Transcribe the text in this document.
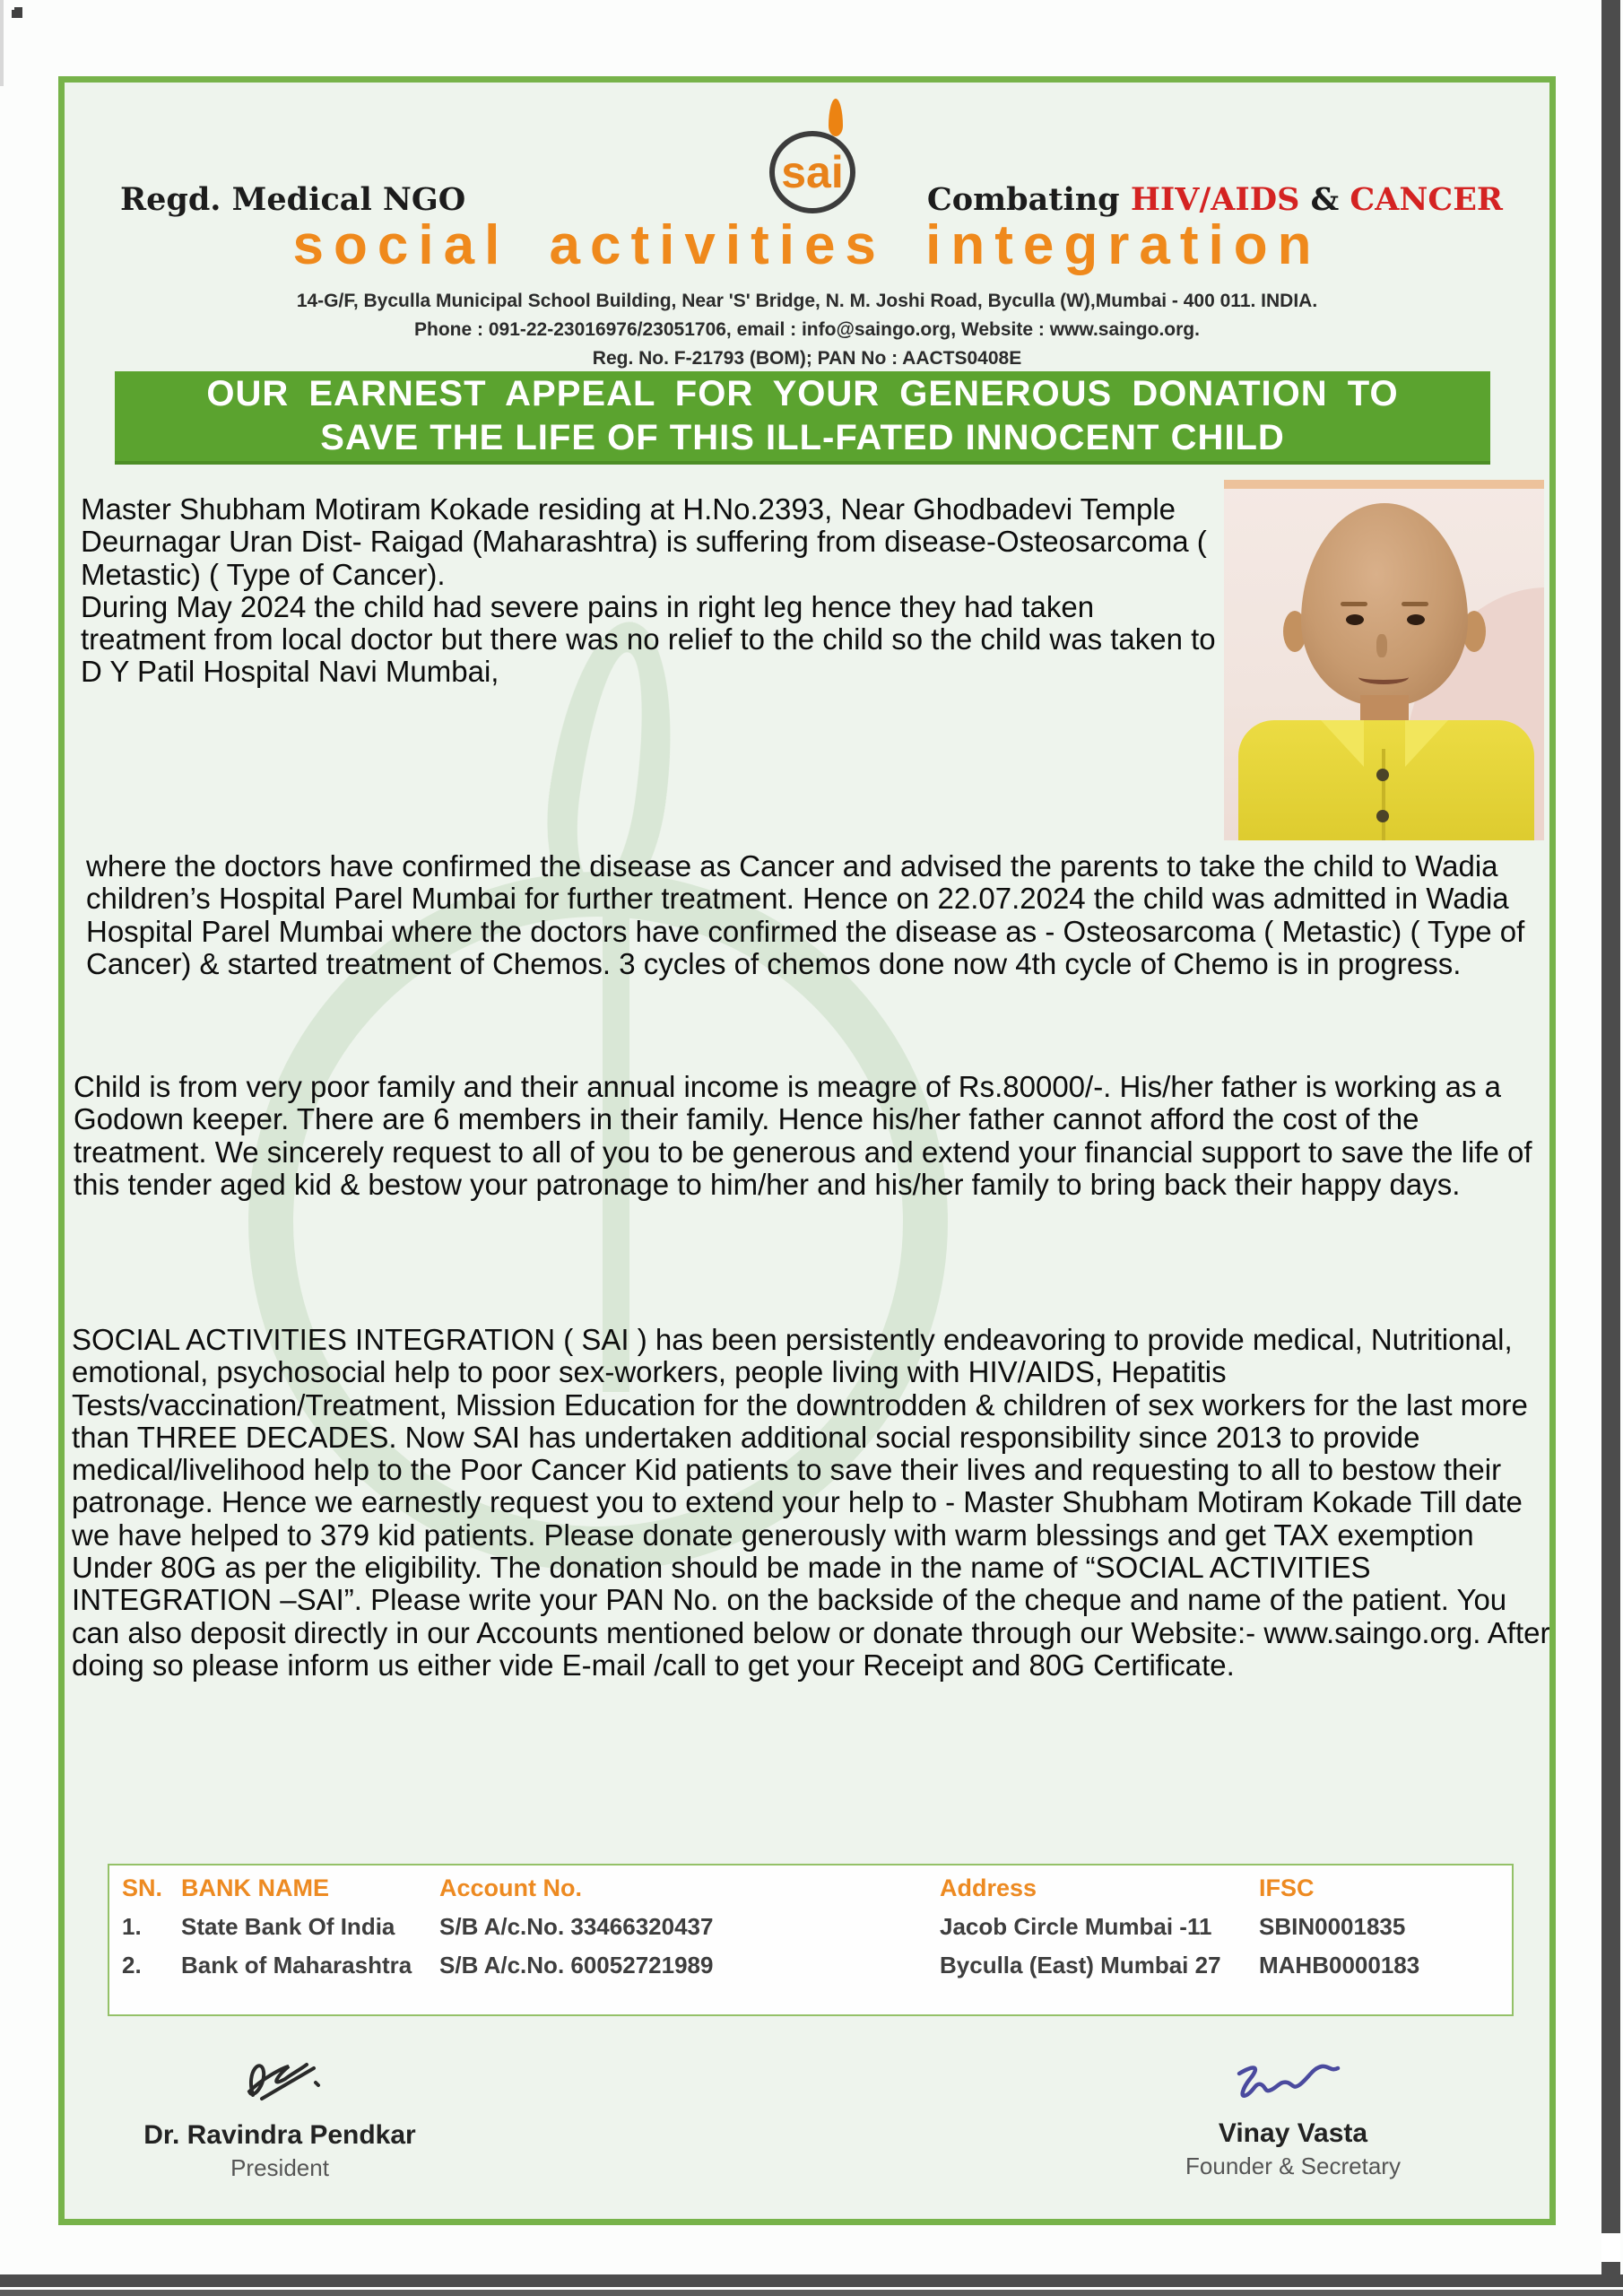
Regd. Medical NGO
sai
Combating HIV/AIDS & CANCER
social activities integration
14-G/F, Byculla Municipal School Building, Near 'S' Bridge, N. M. Joshi Road, Byculla (W),Mumbai - 400 011. INDIA.
Phone : 091-22-23016976/23051706, email : info@saingo.org, Website : www.saingo.org.
Reg. No. F-21793 (BOM); PAN No : AACTS0408E
OUR EARNEST APPEAL FOR YOUR GENEROUS DONATION TO
SAVE THE LIFE OF THIS ILL-FATED INNOCENT CHILD
Master Shubham Motiram Kokade residing at H.No.2393, Near Ghodbadevi Temple Deurnagar Uran Dist- Raigad (Maharashtra) is suffering from disease-Osteosarcoma ( Metastic) ( Type of Cancer).
During May 2024 the child had severe pains in right leg hence they had taken treatment from local doctor but there was no relief to the child so the child was taken to D Y Patil Hospital Navi Mumbai,
where the doctors have confirmed the disease as Cancer and advised the parents to take the child to Wadia children’s Hospital Parel Mumbai for further treatment. Hence on 22.07.2024 the child was admitted in Wadia Hospital Parel Mumbai where the doctors have confirmed the disease as - Osteosarcoma ( Metastic) ( Type of Cancer) & started treatment of Chemos. 3 cycles of chemos done now 4th cycle of Chemo is in progress.
Child is from very poor family and their annual income is meagre of Rs.80000/-. His/her father is working as a Godown keeper. There are 6 members in their family. Hence his/her father cannot afford the cost of the treatment. We sincerely request to all of you to be generous and extend your financial support to save the life of this tender aged kid & bestow your patronage to him/her and his/her family to bring back their happy days.
SOCIAL ACTIVITIES INTEGRATION ( SAI ) has been persistently endeavoring to provide medical, Nutritional, emotional, psychosocial help to poor sex-workers, people living with HIV/AIDS, Hepatitis Tests/vaccination/Treatment, Mission Education for the downtrodden & children of sex workers for the last more than THREE DECADES. Now SAI has undertaken additional social responsibility since 2013 to provide medical/livelihood help to the Poor Cancer Kid patients to save their lives and requesting to all to bestow their patronage. Hence we earnestly request you to extend your help to - Master Shubham Motiram Kokade Till date we have helped to 379 kid patients. Please donate generously with warm blessings and get TAX exemption Under 80G as per the eligibility. The donation should be made in the name of “SOCIAL ACTIVITIES INTEGRATION –SAI”. Please write your PAN No. on the backside of the cheque and name of the patient. You can also deposit directly in our Accounts mentioned below or donate through our Website:- www.saingo.org. After doing so please inform us either vide E-mail /call to get your Receipt and 80G Certificate.
SN. BANK NAME	Account No.	Address	IFSC
1.	State Bank Of India	S/B A/c.No. 33466320437	Jacob Circle Mumbai -11	SBIN0001835
2.	Bank of Maharashtra	S/B A/c.No. 60052721989	Byculla (East) Mumbai 27	MAHB0000183
Dr. Ravindra Pendkar
President
Vinay Vasta
Founder & Secretary
